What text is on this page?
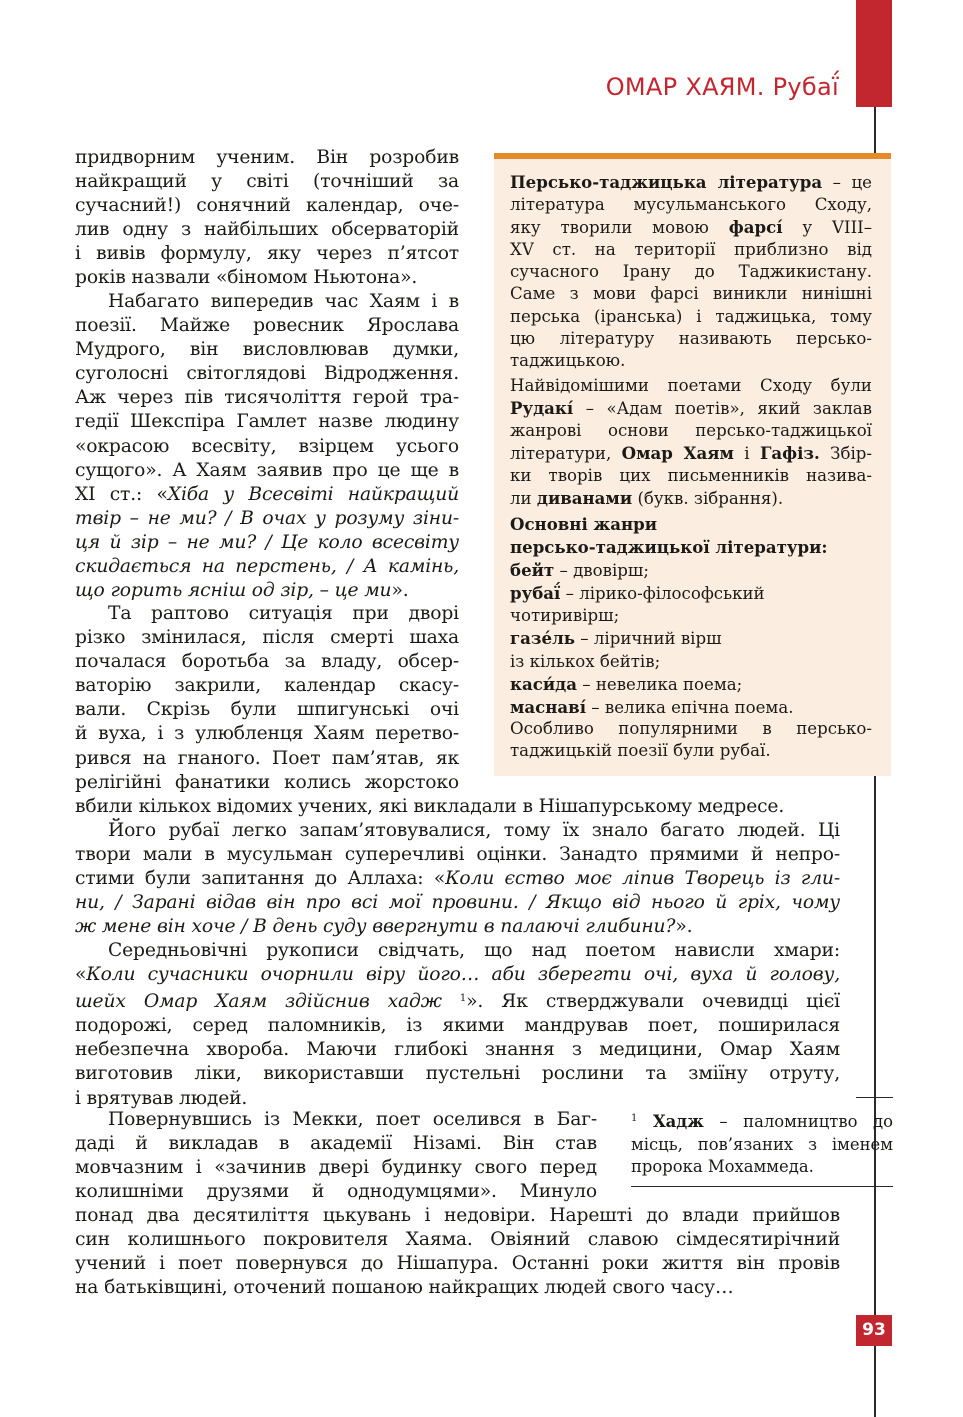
ОМАР ХАЯМ. Рубаї́

придворним ученим. Він розробив
найкращий у світі (точніший за
сучасний!) сонячний календар, оче-
лив одну з найбільших обсерваторій
і вивів формулу, яку через п’ятсот
років назвали «біномом Ньютона».

Набагато випередив час Хаям і в
поезії. Майже ровесник Ярослава
Мудрого, він висловлював думки,
суголосні світоглядові Відродження.
Аж через пів тисячоліття герой тра-
гедії Шекспіра Гамлет назве людину
«окрасою всесвіту, взірцем усього
сущого». А Хаям заявив про це ще в
XI ст.: «Хіба у Всесвіті найкращий
твір – не ми? / В очах у розуму зіни-
ця й зір – не ми? / Це коло всесвіту
скидається на перстень, / А камінь,
що горить ясніш од зір, – це ми».

Та раптово ситуація при дворі
різко змінилася, після смерті шаха
почалася боротьба за владу, обсер-
ваторію закрили, календар скасу-
вали. Скрізь були шпигунські очі
й вуха, і з улюбленця Хаям перетво-
рився на гнаного. Поет пам’ятав, як
релігійні фанатики колись жорстоко

вбили кількох відомих учених, які викладали в Нішапурському медресе.

Його рубаї легко запам’ятовувалися, тому їх знало багато людей. Ці
твори мали в мусульман суперечливі оцінки. Занадто прямими й непро-
стими були запитання до Аллаха: «Коли єство моє ліпив Творець із гли-
ни, / Зарані відав він про всі мої провини. / Якщо від нього й гріх, чому
ж мене він хоче / В день суду ввергнути в палаючі глибини?».

Середньовічні рукописи свідчать, що над поетом нависли хмари:
«Коли сучасники очорнили віру його… аби зберегти очі, вуха й голову,
шейх Омар Хаям здійснив хадж $^1$». Як стверджували очевидці цієї
подорожі, серед паломників, із якими мандрував поет, поширилася
небезпечна хвороба. Маючи глибокі знання з медицини, Омар Хаям
виготовив ліки, використавши пустельні рослини та зміїну отруту,
і врятував людей.

Повернувшись із Мекки, поет оселився в Баг-
даді й викладав в академії Нізамі. Він став
мовчазним і «зачинив двері будинку свого перед
колишніми друзями й однодумцями». Минуло

понад два десятиліття цькувань і недовіри. Нарешті до влади прийшов
син колишнього покровителя Хаяма. Овіяний славою сімдесятирічний
учений і поет повернувся до Нішапура. Останні роки життя він провів
на батьківщині, оточений пошаною найкращих людей свого часу…

Персько-таджицька література – це
література мусульманського Сходу,
яку творили мовою фарсі́ у VIII–
XV ст. на території приблизно від
сучасного Ірану до Таджикистану.
Саме з мови фарсі виникли нинішні
перська (іранська) і таджицька, тому
цю літературу називають персько-
таджицькою.
Найвідомішими поетами Сходу були
Рудакі́ – «Адам поетів», який заклав
жанрові основи персько-таджицької
літератури, Омар Хаям і Гафіз. Збір-
ки творів цих письменників назива-
ли диванами (букв. зібрання).
Основні жанри
персько-таджицької літератури:
бейт – двовірш;
рубаї́ – лірико-філософський
чотиривірш;
газе́ль – ліричний вірш
із кількох бейтів;
каси́да – невелика поема;
маснаві́ – велика епічна поема.
Особливо популярними в персько-
таджицькій поезії були рубаї.
$^1$ Хадж – паломництво до
місць, пов’язаних з іменем
пророка Мохаммеда.
93
